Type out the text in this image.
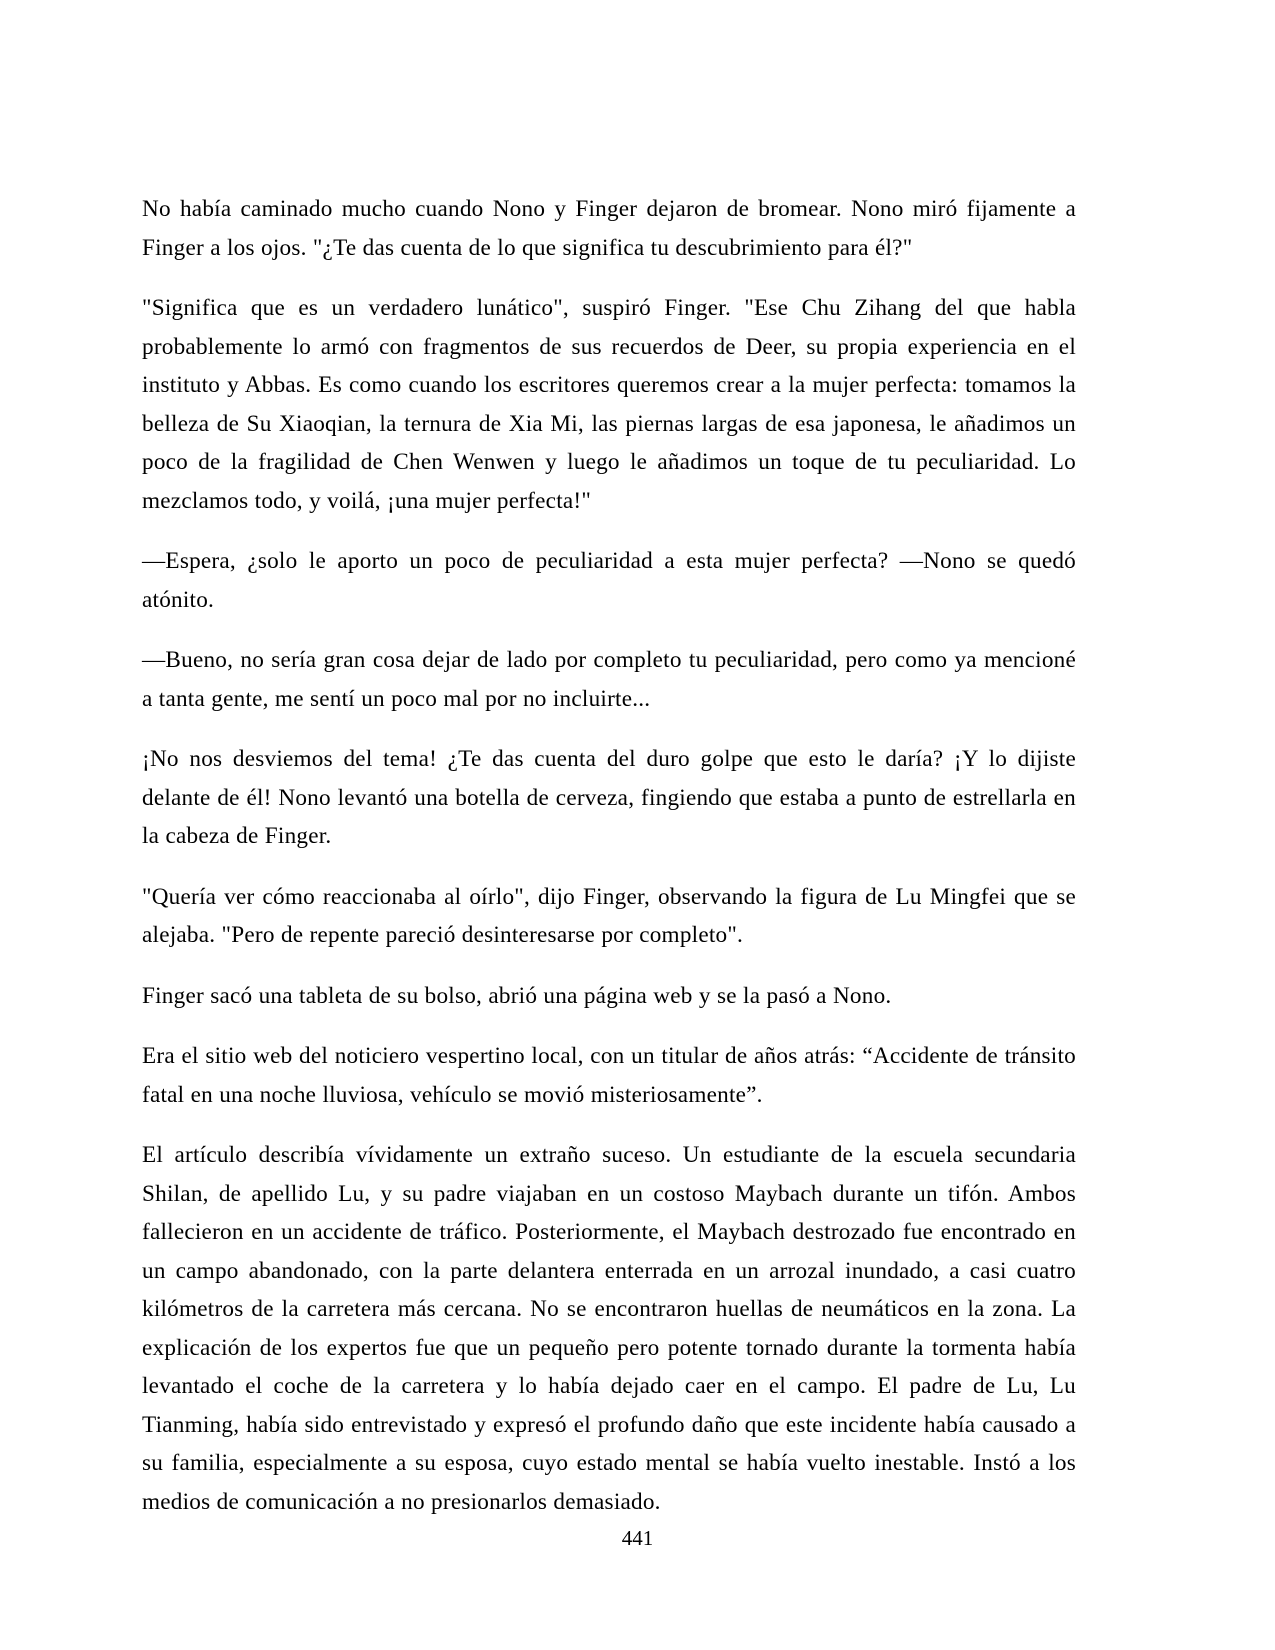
No había caminado mucho cuando Nono y Finger dejaron de bromear. Nono miró fijamente a Finger a los ojos. "¿Te das cuenta de lo que significa tu descubrimiento para él?"

"Significa que es un verdadero lunático", suspiró Finger. "Ese Chu Zihang del que habla probablemente lo armó con fragmentos de sus recuerdos de Deer, su propia experiencia en el instituto y Abbas. Es como cuando los escritores queremos crear a la mujer perfecta: tomamos la belleza de Su Xiaoqian, la ternura de Xia Mi, las piernas largas de esa japonesa, le añadimos un poco de la fragilidad de Chen Wenwen y luego le añadimos un toque de tu peculiaridad. Lo mezclamos todo, y voilá, ¡una mujer perfecta!"

—Espera, ¿solo le aporto un poco de peculiaridad a esta mujer perfecta? —Nono se quedó atónito.

—Bueno, no sería gran cosa dejar de lado por completo tu peculiaridad, pero como ya mencioné a tanta gente, me sentí un poco mal por no incluirte...

¡No nos desviemos del tema! ¿Te das cuenta del duro golpe que esto le daría? ¡Y lo dijiste delante de él! Nono levantó una botella de cerveza, fingiendo que estaba a punto de estrellarla en la cabeza de Finger.

"Quería ver cómo reaccionaba al oírlo", dijo Finger, observando la figura de Lu Mingfei que se alejaba. "Pero de repente pareció desinteresarse por completo".

Finger sacó una tableta de su bolso, abrió una página web y se la pasó a Nono.

Era el sitio web del noticiero vespertino local, con un titular de años atrás: “Accidente de tránsito fatal en una noche lluviosa, vehículo se movió misteriosamente”.

El artículo describía vívidamente un extraño suceso. Un estudiante de la escuela secundaria Shilan, de apellido Lu, y su padre viajaban en un costoso Maybach durante un tifón. Ambos fallecieron en un accidente de tráfico. Posteriormente, el Maybach destrozado fue encontrado en un campo abandonado, con la parte delantera enterrada en un arrozal inundado, a casi cuatro kilómetros de la carretera más cercana. No se encontraron huellas de neumáticos en la zona. La explicación de los expertos fue que un pequeño pero potente tornado durante la tormenta había levantado el coche de la carretera y lo había dejado caer en el campo. El padre de Lu, Lu Tianming, había sido entrevistado y expresó el profundo daño que este incidente había causado a su familia, especialmente a su esposa, cuyo estado mental se había vuelto inestable. Instó a los medios de comunicación a no presionarlos demasiado.

441
